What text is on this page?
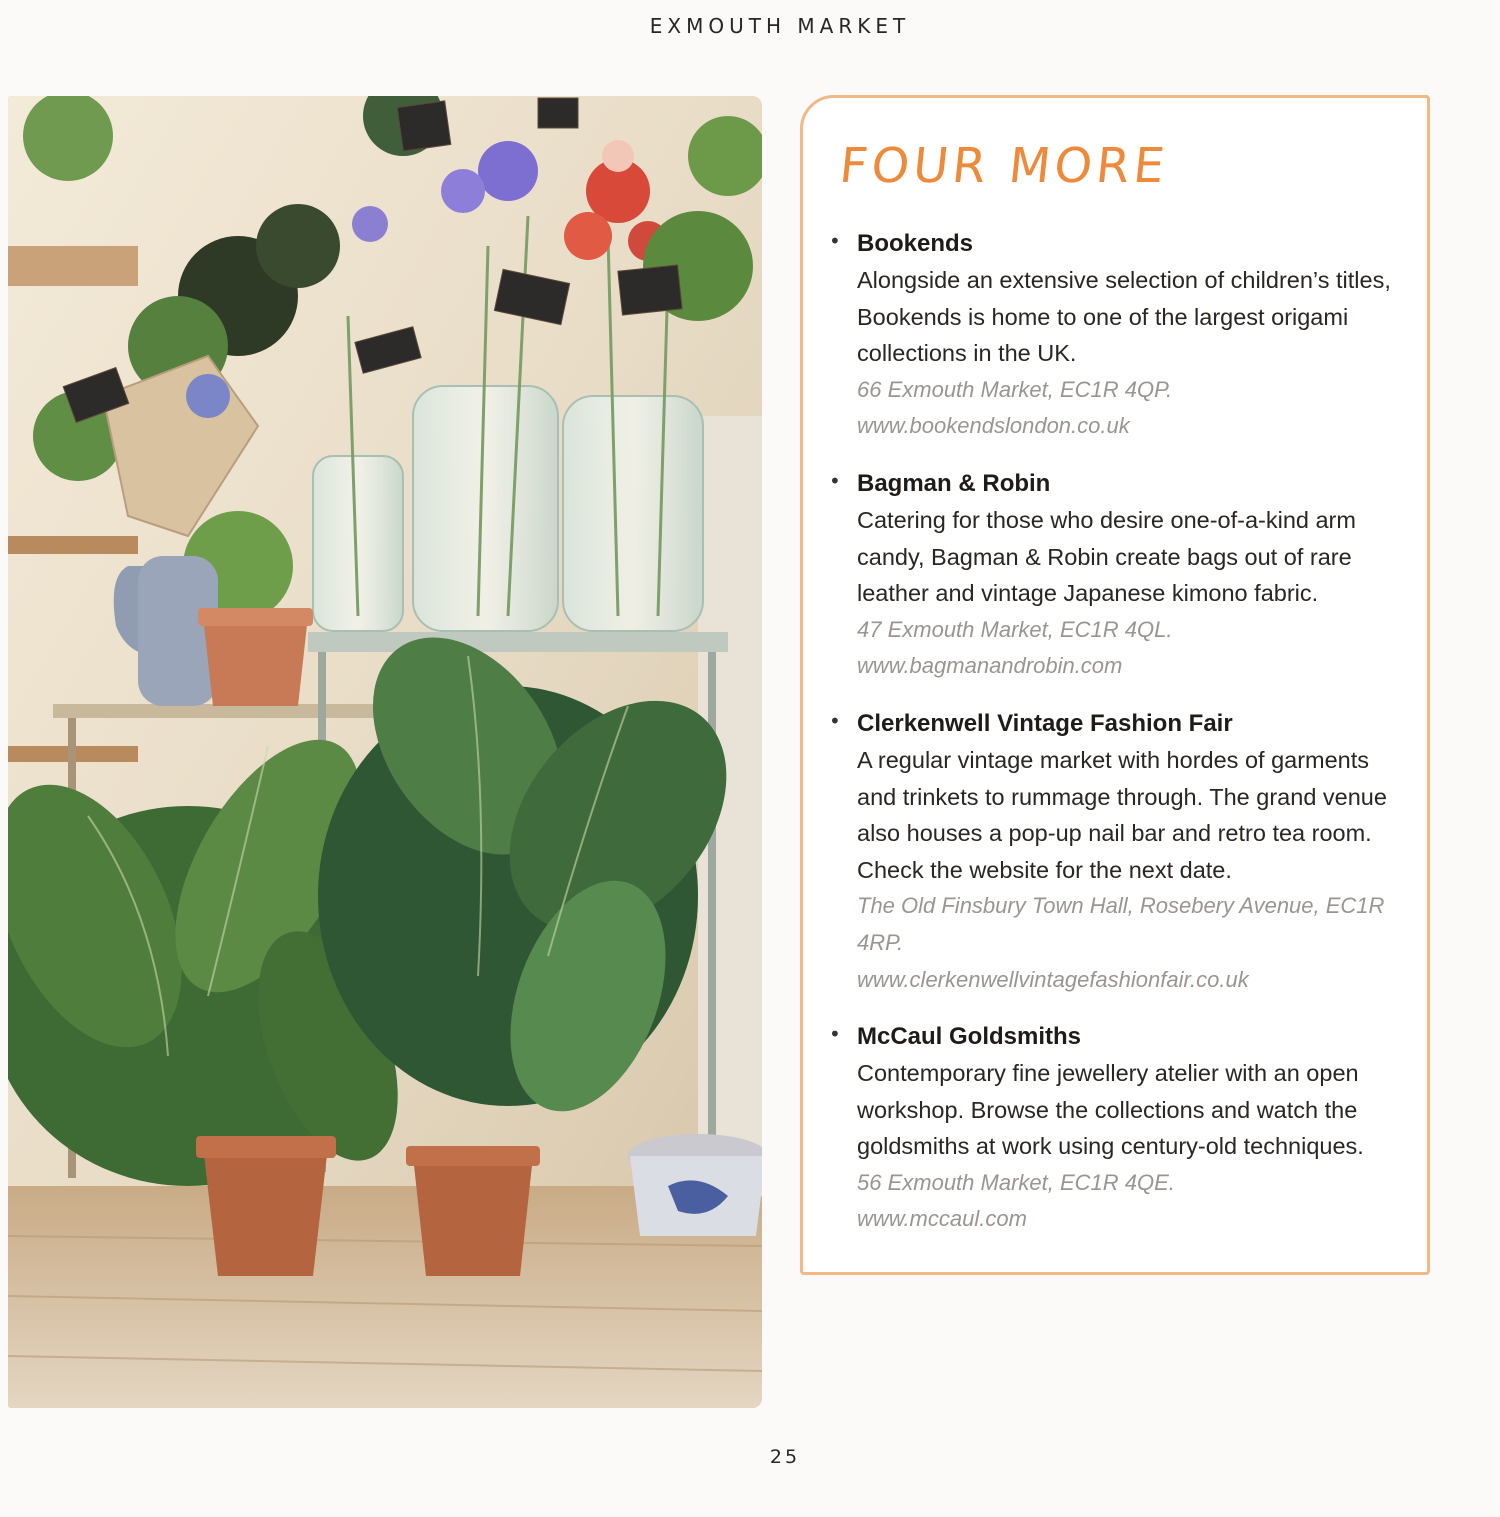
EXMOUTH MARKET
FOUR MORE
• Bookends

Alongside an extensive selection of children’s titles, Bookends is home to one of the largest origami collections in the UK.

66 Exmouth Market, EC1R 4QP.
www.bookendslondon.co.uk
• Bagman & Robin

Catering for those who desire one-of-a-kind arm candy, Bagman & Robin create bags out of rare leather and vintage Japanese kimono fabric.

47 Exmouth Market, EC1R 4QL.
www.bagmanandrobin.com
• Clerkenwell Vintage Fashion Fair

A regular vintage market with hordes of garments and trinkets to rummage through. The grand venue also houses a pop-up nail bar and retro tea room. Check the website for the next date.

The Old Finsbury Town Hall, Rosebery Avenue, EC1R 4RP.
www.clerkenwellvintagefashionfair.co.uk
• McCaul Goldsmiths

Contemporary fine jewellery atelier with an open workshop. Browse the collections and watch the goldsmiths at work using century-old techniques.

56 Exmouth Market, EC1R 4QE.
www.mccaul.com
25
